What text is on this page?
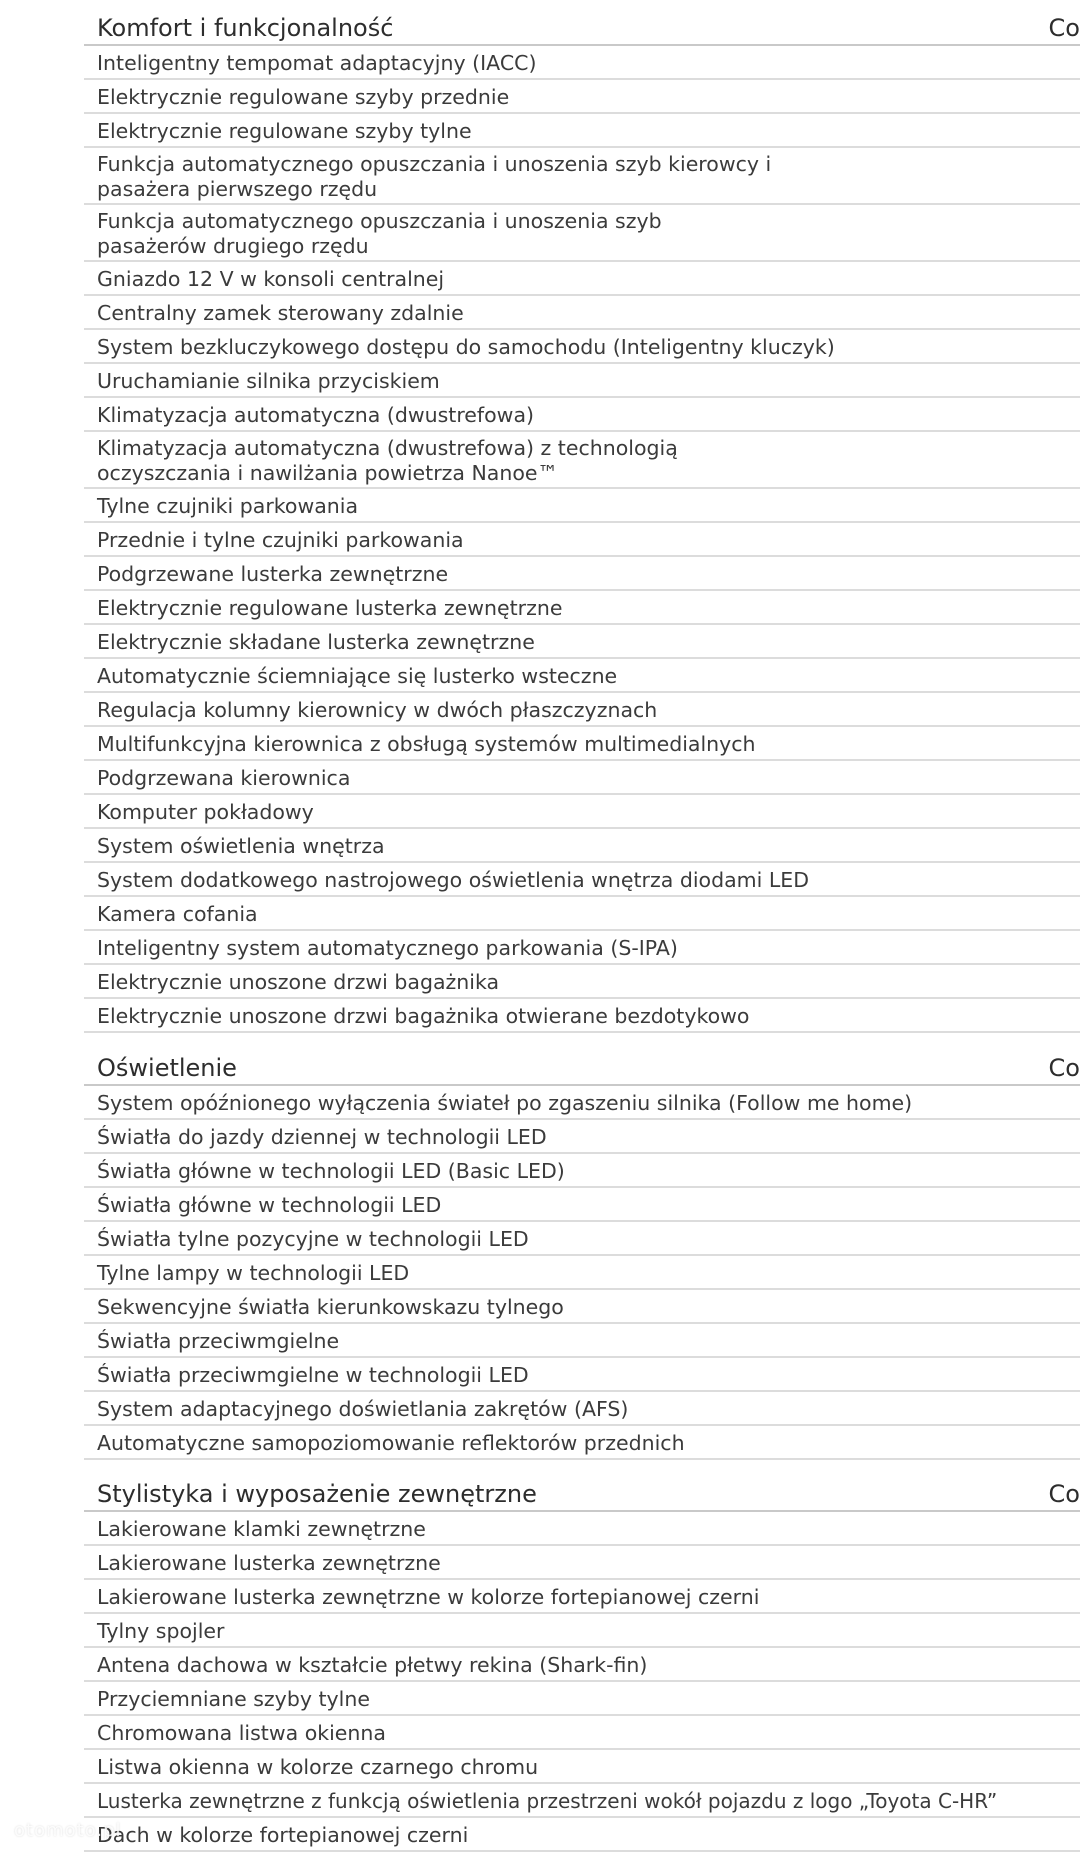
Komfort i funkcjonalność	Co
Inteligentny tempomat adaptacyjny (IACC)
Elektrycznie regulowane szyby przednie
Elektrycznie regulowane szyby tylne
Funkcja automatycznego opuszczania i unoszenia szyb kierowcy i pasażera pierwszego rzędu
Funkcja automatycznego opuszczania i unoszenia szyb pasażerów drugiego rzędu
Gniazdo 12 V w konsoli centralnej
Centralny zamek sterowany zdalnie
System bezkluczykowego dostępu do samochodu (Inteligentny kluczyk)
Uruchamianie silnika przyciskiem
Klimatyzacja automatyczna (dwustrefowa)
Klimatyzacja automatyczna (dwustrefowa) z technologią oczyszczania i nawilżania powietrza Nanoe™
Tylne czujniki parkowania
Przednie i tylne czujniki parkowania
Podgrzewane lusterka zewnętrzne
Elektrycznie regulowane lusterka zewnętrzne
Elektrycznie składane lusterka zewnętrzne
Automatycznie ściemniające się lusterko wsteczne
Regulacja kolumny kierownicy w dwóch płaszczyznach
Multifunkcyjna kierownica z obsługą systemów multimedialnych
Podgrzewana kierownica
Komputer pokładowy
System oświetlenia wnętrza
System dodatkowego nastrojowego oświetlenia wnętrza diodami LED
Kamera cofania
Inteligentny system automatycznego parkowania (S-IPA)
Elektrycznie unoszone drzwi bagażnika
Elektrycznie unoszone drzwi bagażnika otwierane bezdotykowo
Oświetlenie	Co
System opóźnionego wyłączenia świateł po zgaszeniu silnika (Follow me home)
Światła do jazdy dziennej w technologii LED
Światła główne w technologii LED (Basic LED)
Światła główne w technologii LED
Światła tylne pozycyjne w technologii LED
Tylne lampy w technologii LED
Sekwencyjne światła kierunkowskazu tylnego
Światła przeciwmgielne
Światła przeciwmgielne w technologii LED
System adaptacyjnego doświetlania zakrętów (AFS)
Automatyczne samopoziomowanie reflektorów przednich
Stylistyka i wyposażenie zewnętrzne	Co
Lakierowane klamki zewnętrzne
Lakierowane lusterka zewnętrzne
Lakierowane lusterka zewnętrzne w kolorze fortepianowej czerni
Tylny spojler
Antena dachowa w kształcie płetwy rekina (Shark-fin)
Przyciemniane szyby tylne
Chromowana listwa okienna
Listwa okienna w kolorze czarnego chromu
Lusterka zewnętrzne z funkcją oświetlenia przestrzeni wokół pojazdu z logo „Toyota C-HR”
Dach w kolorze fortepianowej czerni
otomoto.pl
